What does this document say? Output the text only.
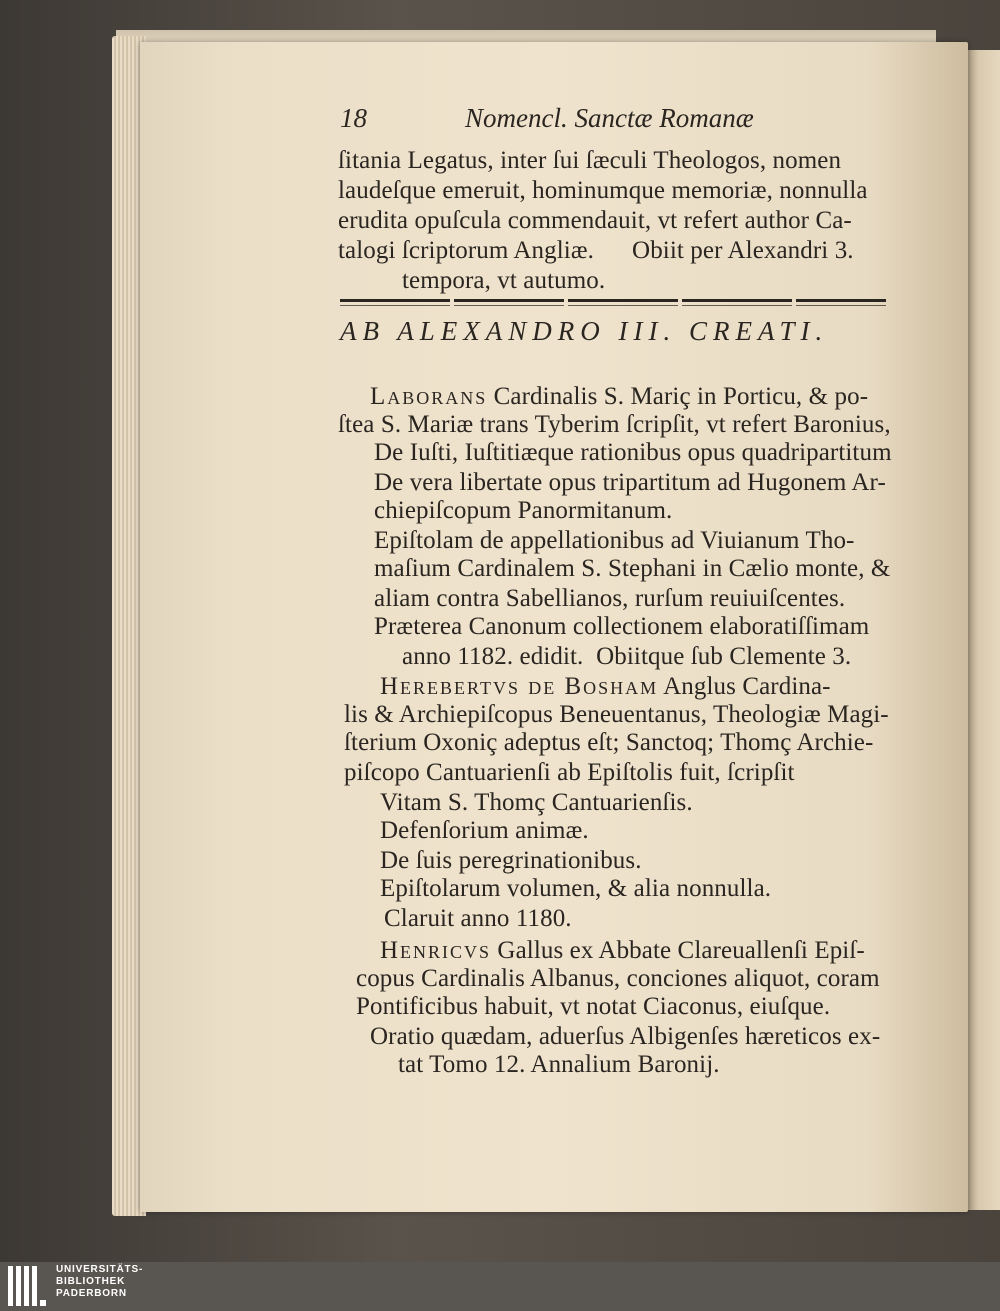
18	Nomencl. Sanctæ Romanæ
ſitania Legatus, inter ſui ſæculi Theologos, nomen
laudeſque emeruit, hominumque memoriæ, nonnulla
erudita opuſcula commendauit, vt refert author Ca-
talogi ſcriptorum Angliæ.      Obiit per Alexandri 3.
tempora, vt autumo.
AB ALEXANDRO III. CREATI.
Laborans Cardinalis S. Mariç in Porticu, & po-
ſtea S. Mariæ trans Tyberim ſcripſit, vt refert Baronius,
De Iuſti, Iuſtitiæque rationibus opus quadripartitum
De vera libertate opus tripartitum ad Hugonem Ar-
chiepiſcopum Panormitanum.
Epiſtolam de appellationibus ad Viuianum Tho-
maſium Cardinalem S. Stephani in Cælio monte, &
aliam contra Sabellianos, rurſum reuiuiſcentes.
Præterea Canonum collectionem elaboratiſſimam
anno 1182. edidit.  Obiitque ſub Clemente 3.
Herebertvs de Bosham Anglus Cardina-
lis & Archiepiſcopus Beneuentanus, Theologiæ Magi-
ſterium Oxoniç adeptus eſt; Sanctoq; Thomç Archie-
piſcopo Cantuarienſi ab Epiſtolis fuit, ſcripſit
Vitam S. Thomç Cantuarienſis.
Defenſorium animæ.
De ſuis peregrinationibus.
Epiſtolarum volumen, & alia nonnulla.
Claruit anno 1180.
Henricvs Gallus ex Abbate Clareuallenſi Epiſ-
copus Cardinalis Albanus, conciones aliquot, coram
Pontificibus habuit, vt notat Ciaconus, eiuſque.
Oratio quædam, aduerſus Albigenſes hæreticos ex-
tat Tomo 12. Annalium Baronij.
UNIVERSITÄTS-
BIBLIOTHEK
PADERBORN
